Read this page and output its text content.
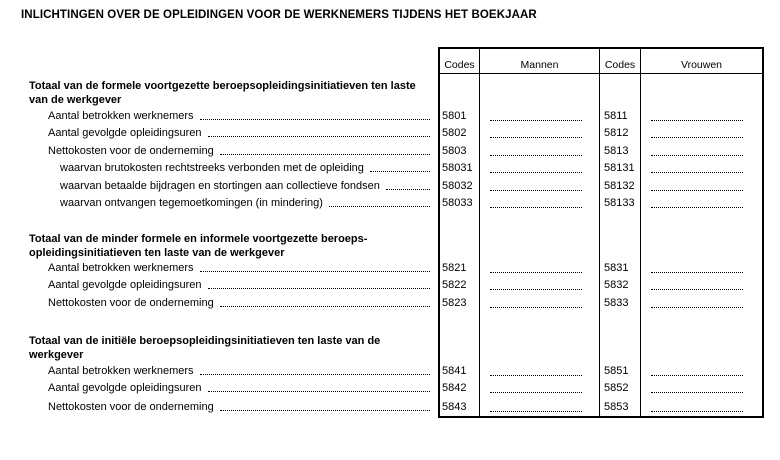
INLICHTINGEN OVER DE OPLEIDINGEN VOOR DE WERKNEMERS TIJDENS HET BOEKJAAR
Codes	Mannen	Codes	Vrouwen
Totaal van de formele voortgezette beroepsopleidingsinitiatieven ten laste van de werkgever
Aantal betrokken werknemers	5801	5811
Aantal gevolgde opleidingsuren	5802	5812
Nettokosten voor de onderneming	5803	5813
waarvan brutokosten rechtstreeks verbonden met de opleiding	58031	58131
waarvan betaalde bijdragen en stortingen aan collectieve fondsen	58032	58132
waarvan ontvangen tegemoetkomingen (in mindering)	58033	58133
Totaal van de minder formele en informele voortgezette beroeps-opleidingsinitiatieven ten laste van de werkgever
Aantal betrokken werknemers	5821	5831
Aantal gevolgde opleidingsuren	5822	5832
Nettokosten voor de onderneming	5823	5833
Totaal van de initiële beroepsopleidingsinitiatieven ten laste van de werkgever
Aantal betrokken werknemers	5841	5851
Aantal gevolgde opleidingsuren	5842	5852
Nettokosten voor de onderneming	5843	5853
